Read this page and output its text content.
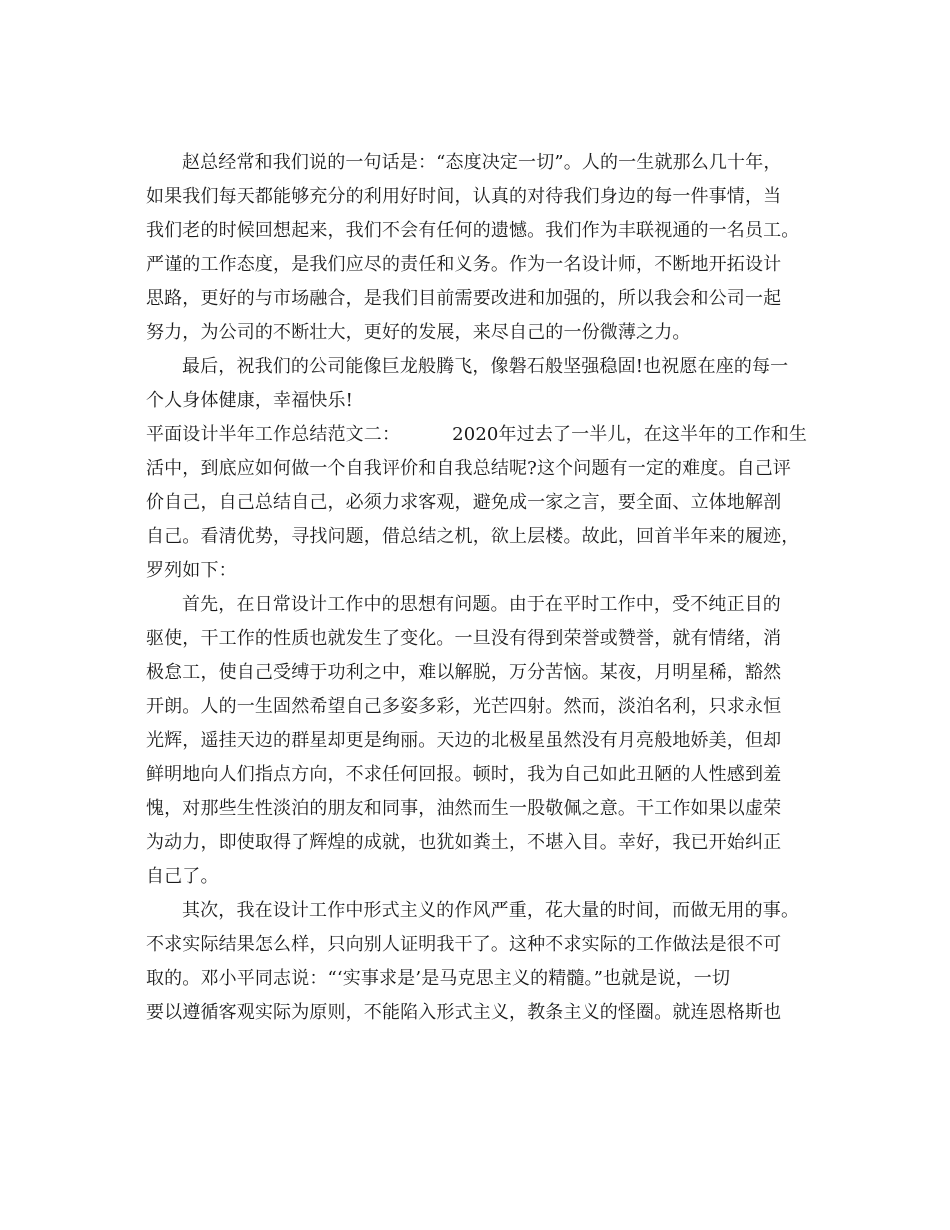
赵总经常和我们说的一句话是：“态度决定一切”。人的一生就那么几十年，
如果我们每天都能够充分的利用好时间，认真的对待我们身边的每一件事情，当
我们老的时候回想起来，我们不会有任何的遗憾。我们作为丰联视通的一名员工。
严谨的工作态度，是我们应尽的责任和义务。作为一名设计师，不断地开拓设计
思路，更好的与市场融合，是我们目前需要改进和加强的，所以我会和公司一起
努力，为公司的不断壮大，更好的发展，来尽自己的一份微薄之力。
最后，祝我们的公司能像巨龙般腾飞，像磐石般坚强稳固!也祝愿在座的每一
个人身体健康，幸福快乐!
平面设计半年工作总结范文二：	2020年过去了一半儿，在这半年的工作和生
活中，到底应如何做一个自我评价和自我总结呢?这个问题有一定的难度。自己评
价自己，自己总结自己，必须力求客观，避免成一家之言，要全面、立体地解剖
自己。看清优势，寻找问题，借总结之机，欲上层楼。故此，回首半年来的履迹，
罗列如下：
首先，在日常设计工作中的思想有问题。由于在平时工作中，受不纯正目的
驱使，干工作的性质也就发生了变化。一旦没有得到荣誉或赞誉，就有情绪，消
极怠工，使自己受缚于功利之中，难以解脱，万分苦恼。某夜，月明星稀，豁然
开朗。人的一生固然希望自己多姿多彩，光芒四射。然而，淡泊名利，只求永恒
光辉，遥挂天边的群星却更是绚丽。天边的北极星虽然没有月亮般地娇美，但却
鲜明地向人们指点方向，不求任何回报。顿时，我为自己如此丑陋的人性感到羞
愧，对那些生性淡泊的朋友和同事，油然而生一股敬佩之意。干工作如果以虚荣
为动力，即使取得了辉煌的成就，也犹如粪土，不堪入目。幸好，我已开始纠正
自己了。
其次，我在设计工作中形式主义的作风严重，花大量的时间，而做无用的事。
不求实际结果怎么样，只向别人证明我干了。这种不求实际的工作做法是很不可
取的。邓小平同志说：“‘实事求是’是马克思主义的精髓。”也就是说，一切
要以遵循客观实际为原则，不能陷入形式主义，教条主义的怪圈。就连恩格斯也
